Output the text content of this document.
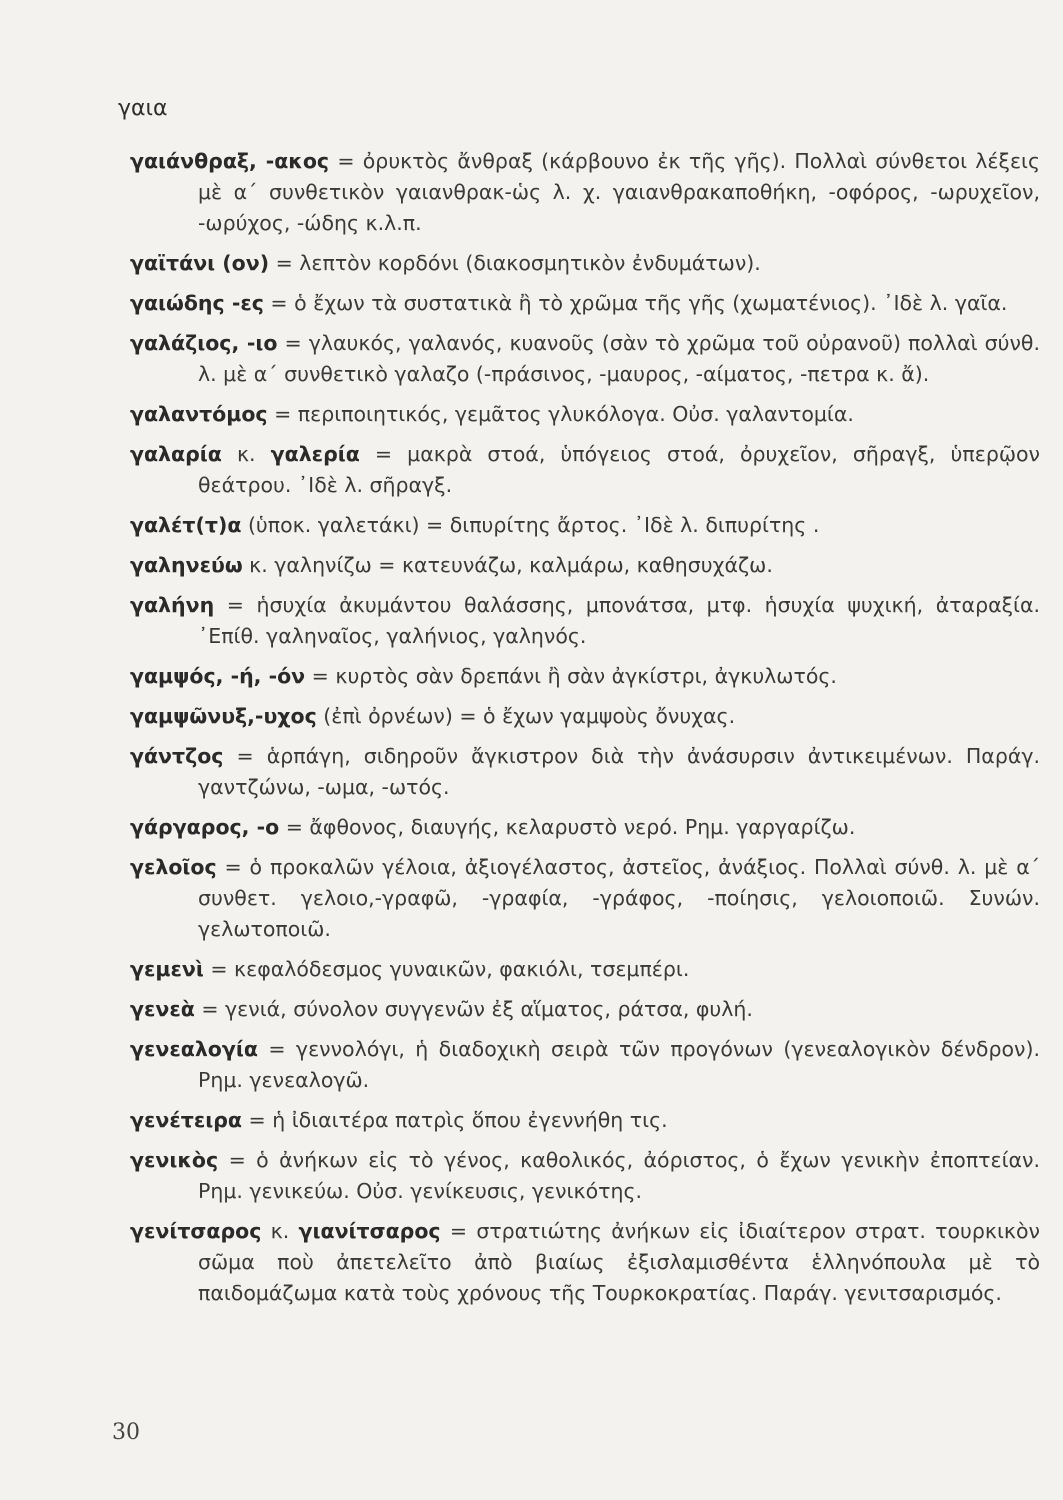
γαια
γαιάνθραξ, -ακος = ὀρυκτὸς ἄνθραξ (κάρβουνο ἐκ τῆς γῆς). Πολλαὶ σύνθετοι λέξεις μὲ α΄ συνθετικὸν γαιανθρακ-ὡς λ. χ. γαιανθρακαποθήκη, -οφόρος, -ωρυχεῖον, -ωρύχος, -ώδης κ.λ.π.
γαϊτάνι (ον) = λεπτὸν κορδόνι (διακοσμητικὸν ἐνδυμάτων).
γαιώδης -ες = ὁ ἔχων τὰ συστατικὰ ἢ τὸ χρῶμα τῆς γῆς (χωματένιος). ᾽Ιδὲ λ. γαῖα.
γαλάζιος, -ιο = γλαυκός, γαλανός, κυανοῦς (σὰν τὸ χρῶμα τοῦ οὐρανοῦ) πολλαὶ σύνθ. λ. μὲ α΄ συνθετικὸ γαλαζο (-πράσινος, -μαυρος, -αίματος, -πετρα κ. ἄ).
γαλαντόμος = περιποιητικός, γεμᾶτος γλυκόλογα. Οὐσ. γαλαντομία.
γαλαρία κ. γαλερία = μακρὰ στοά, ὑπόγειος στοά, ὀρυχεῖον, σῆραγξ, ὑπερῷον θεάτρου. ᾽Ιδὲ λ. σῆραγξ.
γαλέτ(τ)α (ὑποκ. γαλετάκι) = διπυρίτης ἄρτος. ᾽Ιδὲ λ. διπυρίτης .
γαληνεύω κ. γαληνίζω = κατευνάζω, καλμάρω, καθησυχάζω.
γαλήνη = ἡσυχία ἀκυμάντου θαλάσσης, μπονάτσα, μτφ. ἡσυχία ψυχική, ἀταραξία. ᾽Επίθ. γαληναῖος, γαλήνιος, γαληνός.
γαμψός, -ή, -όν = κυρτὸς σὰν δρεπάνι ἢ σὰν ἀγκίστρι, ἀγκυλωτός.
γαμψῶνυξ,-υχος (ἐπὶ ὀρνέων) = ὁ ἔχων γαμψοὺς ὄνυχας.
γάντζος = ἁρπάγη, σιδηροῦν ἄγκιστρον διὰ τὴν ἀνάσυρσιν ἀντικειμένων. Παράγ. γαντζώνω, -ωμα, -ωτός.
γάργαρος, -ο = ἄφθονος, διαυγής, κελαρυστὸ νερό. Ρημ. γαργαρίζω.
γελοῖος = ὁ προκαλῶν γέλοια, ἀξιογέλαστος, ἀστεῖος, ἀνάξιος. Πολλαὶ σύνθ. λ. μὲ α΄ συνθετ. γελοιο,-γραφῶ, -γραφία, -γράφος, -ποίησις, γελοιοποιῶ. Συνών. γελωτοποιῶ.
γεμενὶ = κεφαλόδεσμος γυναικῶν, φακιόλι, τσεμπέρι.
γενεὰ = γενιά, σύνολον συγγενῶν ἐξ αἵματος, ράτσα, φυλή.
γενεαλογία = γεννολόγι, ἡ διαδοχικὴ σειρὰ τῶν προγόνων (γενεαλογικὸν δένδρον). Ρημ. γενεαλογῶ.
γενέτειρα = ἡ ἰδιαιτέρα πατρὶς ὅπου ἐγεννήθη τις.
γενικὸς = ὁ ἀνήκων εἰς τὸ γένος, καθολικός, ἀόριστος, ὁ ἔχων γενικὴν ἐποπτείαν. Ρημ. γενικεύω. Οὐσ. γενίκευσις, γενικότης.
γενίτσαρος κ. γιανίτσαρος = στρατιώτης ἀνήκων εἰς ἰδιαίτερον στρατ. τουρκικὸν σῶμα ποὺ ἀπετελεῖτο ἀπὸ βιαίως ἐξισλαμισθέντα ἑλληνόπουλα μὲ τὸ παιδομάζωμα κατὰ τοὺς χρόνους τῆς Τουρκοκρατίας. Παράγ. γενιτσαρισμός.
30
